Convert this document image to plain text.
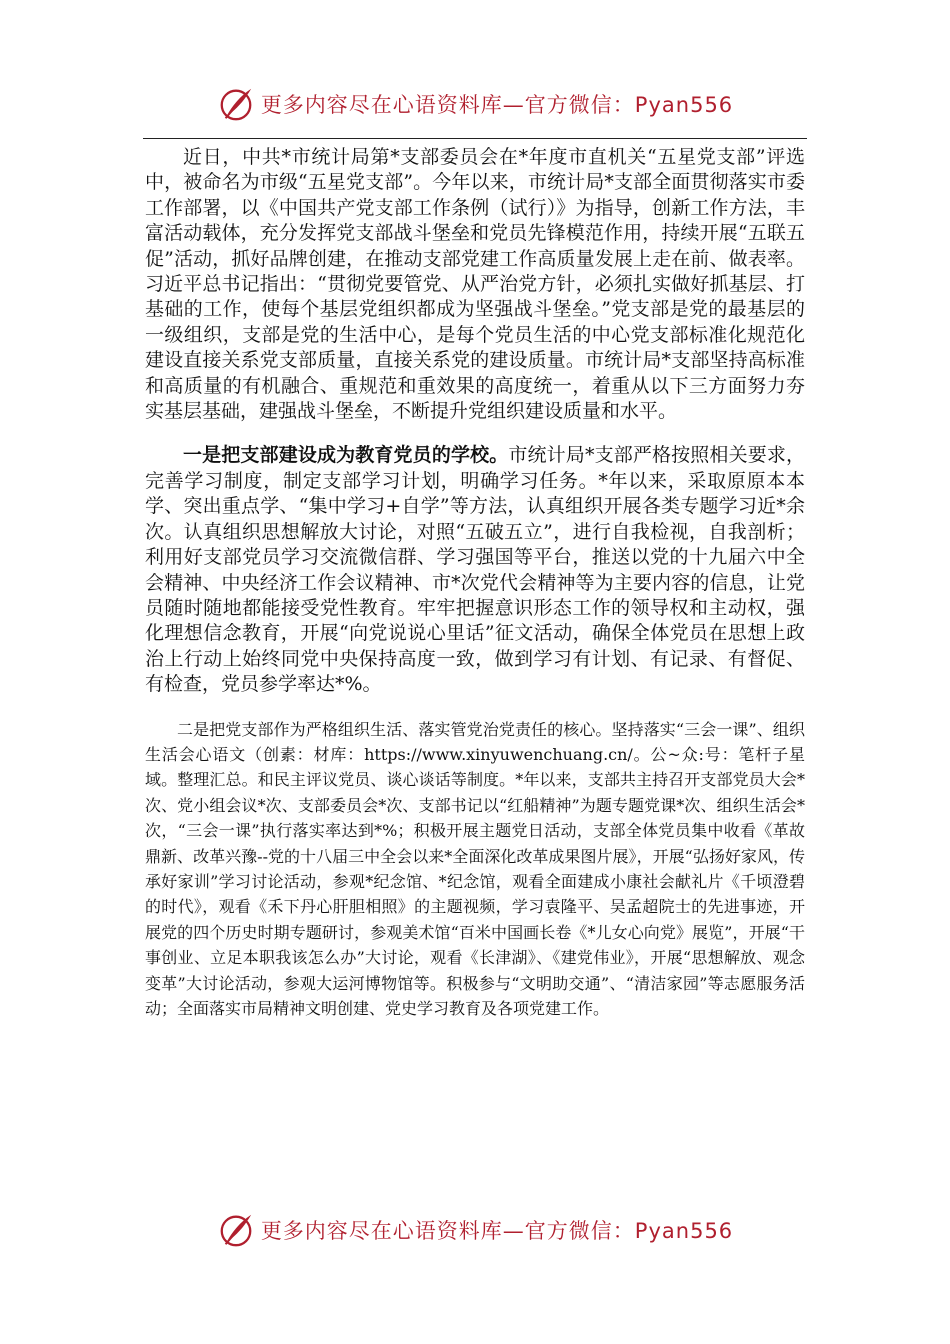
更多内容尽在心语资料库—官方微信：Pyan556

近日，中共*市统计局第*支部委员会在*年度市直机关“五星党支部”评选中，被命名为市级“五星党支部”。今年以来，市统计局*支部全面贯彻落实市委工作部署，以《中国共产党支部工作条例（试行）》为指导，创新工作方法，丰富活动载体，充分发挥党支部战斗堡垒和党员先锋模范作用，持续开展“五联五促”活动，抓好品牌创建，在推动支部党建工作高质量发展上走在前、做表率。习近平总书记指出：“贯彻党要管党、从严治党方针，必须扎实做好抓基层、打基础的工作，使每个基层党组织都成为坚强战斗堡垒。”党支部是党的最基层的一级组织，支部是党的生活中心，是每个党员生活的中心党支部标准化规范化建设直接关系党支部质量，直接关系党的建设质量。市统计局*支部坚持高标准和高质量的有机融合、重规范和重效果的高度统一，着重从以下三方面努力夯实基层基础，建强战斗堡垒，不断提升党组织建设质量和水平。

一是把支部建设成为教育党员的学校。市统计局*支部严格按照相关要求，完善学习制度，制定支部学习计划，明确学习任务。*年以来，采取原原本本学、突出重点学、“集中学习+自学”等方法，认真组织开展各类专题学习近*余次。认真组织思想解放大讨论，对照“五破五立”，进行自我检视，自我剖析；利用好支部党员学习交流微信群、学习强国等平台，推送以党的十九届六中全会精神、中央经济工作会议精神、市*次党代会精神等为主要内容的信息，让党员随时随地都能接受党性教育。牢牢把握意识形态工作的领导权和主动权，强化理想信念教育，开展“向党说说心里话”征文活动，确保全体党员在思想上政治上行动上始终同党中央保持高度一致，做到学习有计划、有记录、有督促、有检查，党员参学率达*%。

二是把党支部作为严格组织生活、落实管党治党责任的核心。坚持落实“三会一课”、组织生活会心语文（创素：材库：https://www.xinyuwenchuang.cn/。公~众:号：笔杆子星域。整理汇总。和民主评议党员、谈心谈话等制度。*年以来，支部共主持召开支部党员大会*次、党小组会议*次、支部委员会*次、支部书记以“红船精神”为题专题党课*次、组织生活会*次，“三会一课”执行落实率达到*%；积极开展主题党日活动，支部全体党员集中收看《革故鼎新、改革兴豫--党的十八届三中全会以来*全面深化改革成果图片展》，开展“弘扬好家风，传承好家训”学习讨论活动，参观*纪念馆、*纪念馆，观看全面建成小康社会献礼片《千顷澄碧的时代》，观看《禾下丹心肝胆相照》的主题视频，学习袁隆平、吴孟超院士的先进事迹，开展党的四个历史时期专题研讨，参观美术馆“百米中国画长卷《*儿女心向党》展览”，开展“干事创业、立足本职我该怎么办”大讨论，观看《长津湖》、《建党伟业》，开展“思想解放、观念变革”大讨论活动，参观大运河博物馆等。积极参与“文明助交通”、“清洁家园”等志愿服务活动；全面落实市局精神文明创建、党史学习教育及各项党建工作。

更多内容尽在心语资料库—官方微信：Pyan556
